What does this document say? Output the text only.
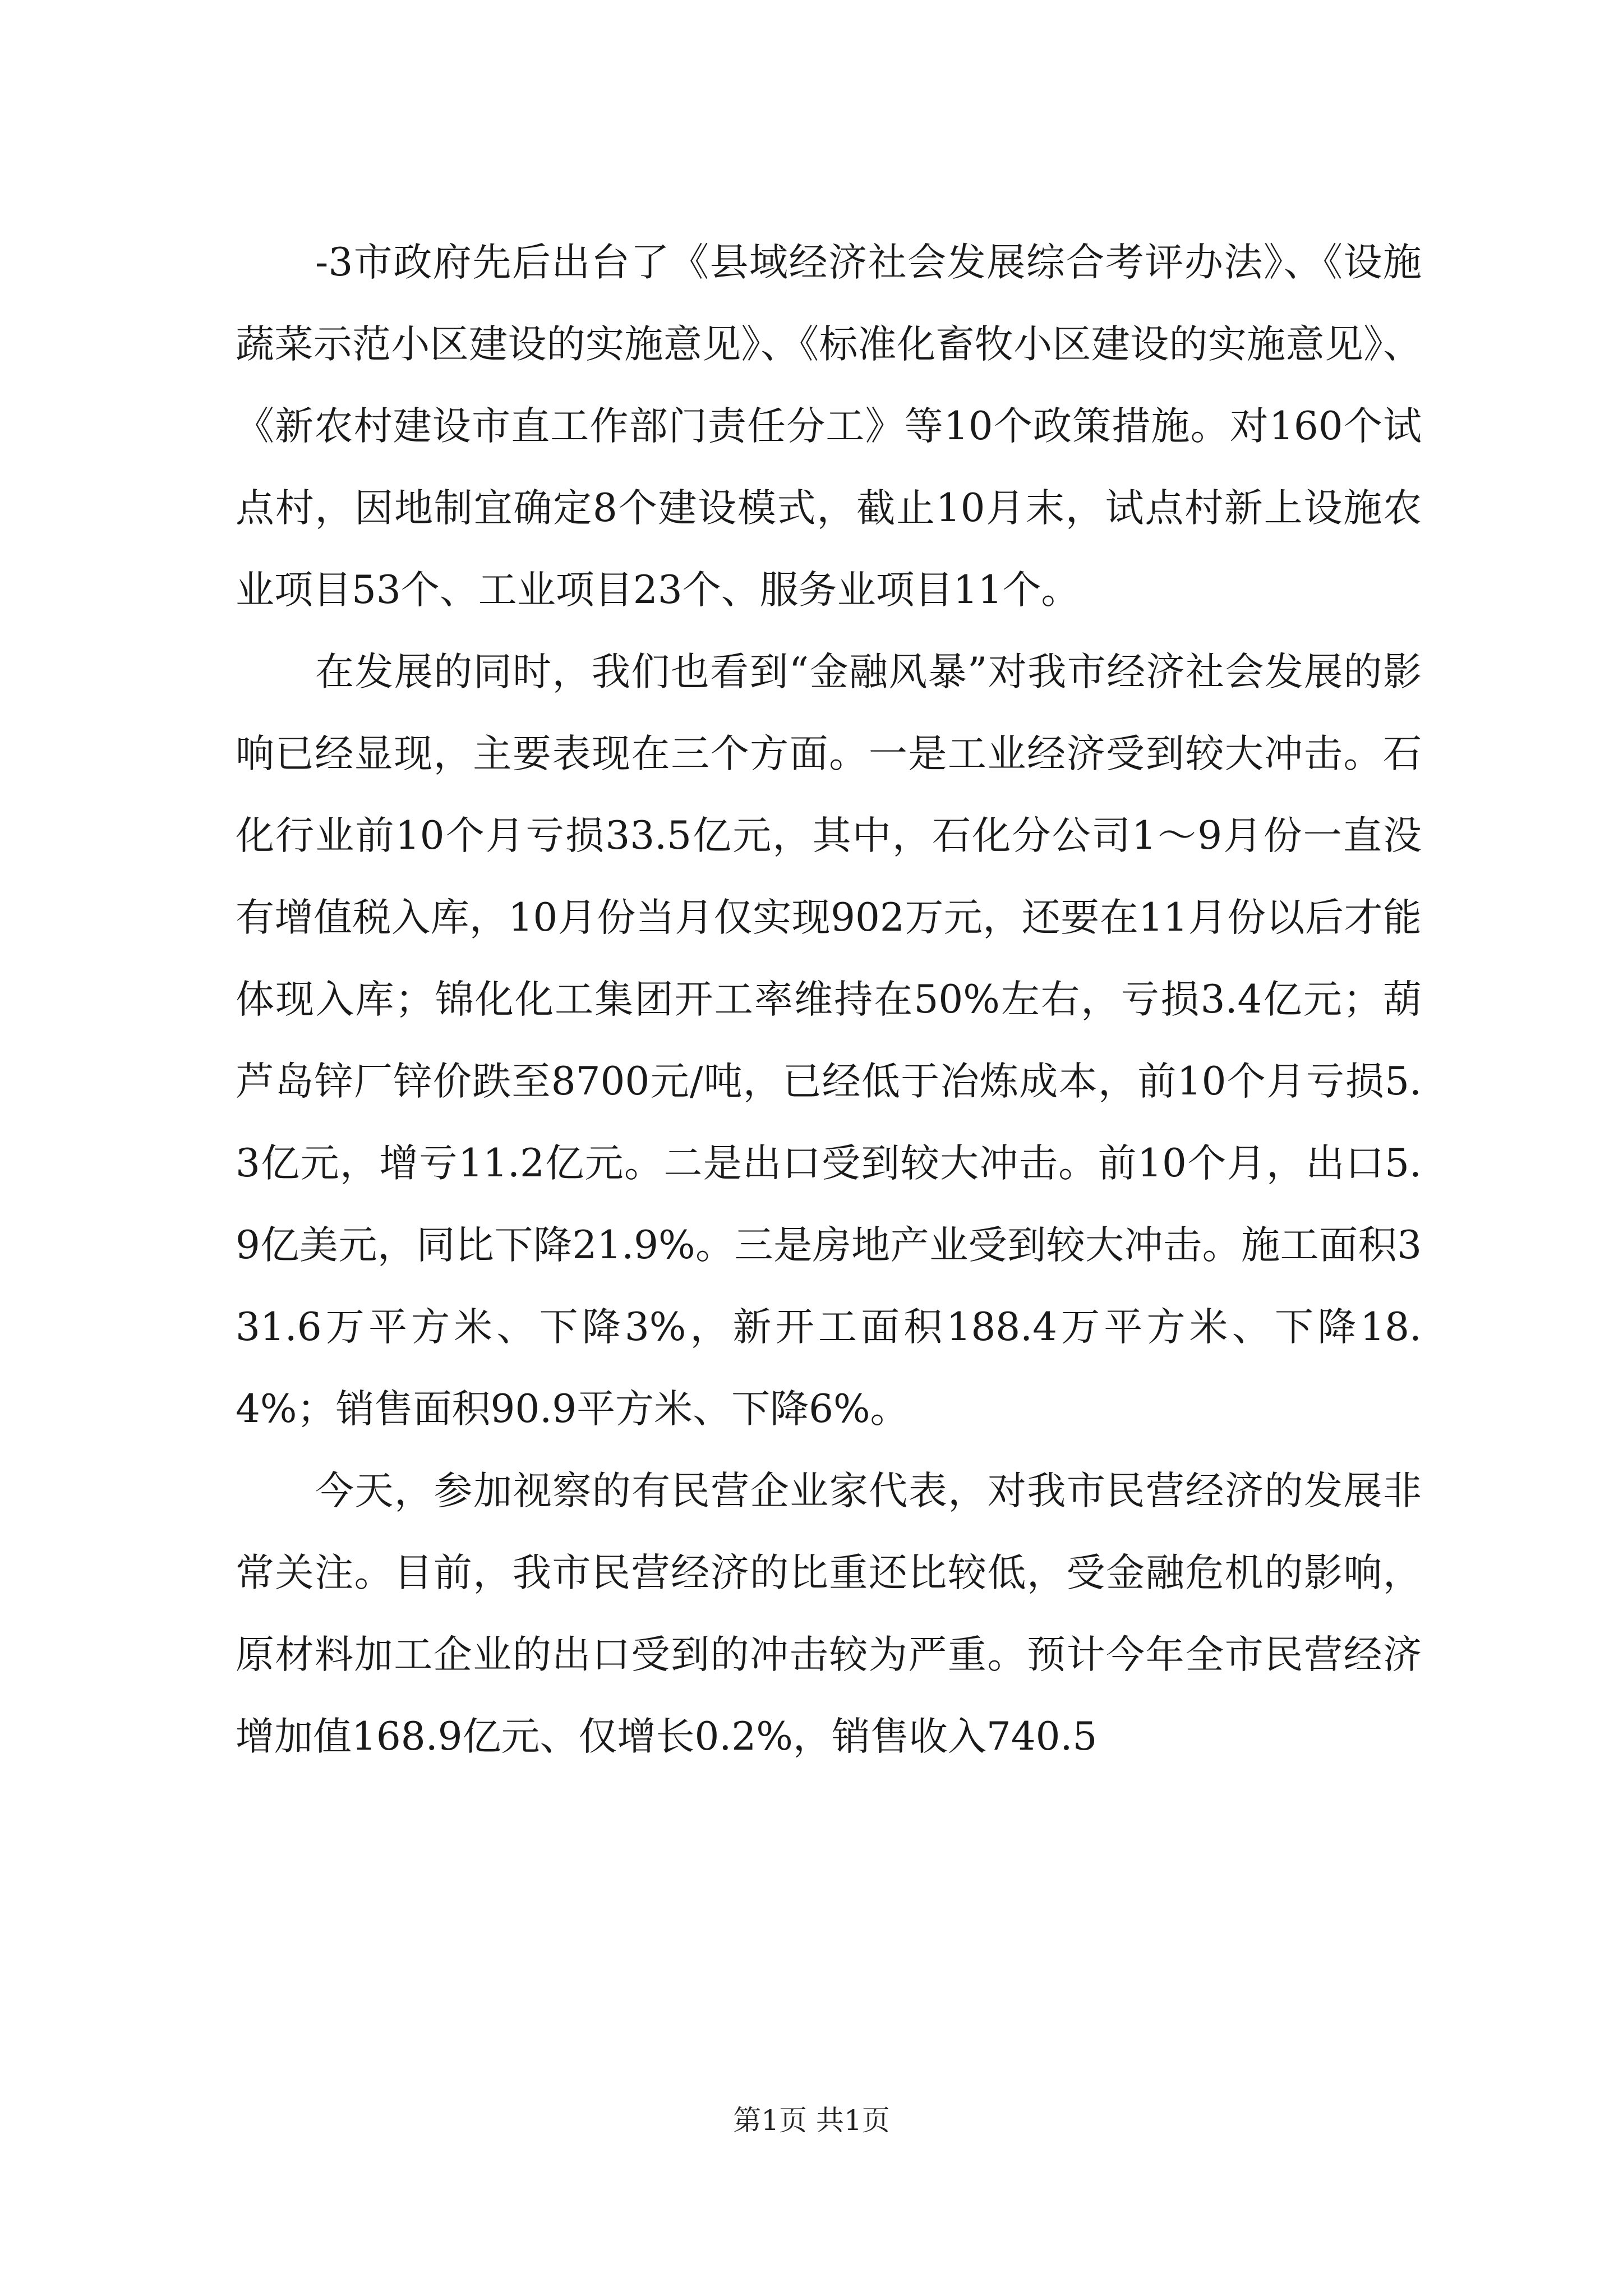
-3市政府先后出台了《县域经济社会发展综合考评办法》、《设施蔬菜示范小区建设的实施意见》、《标准化畜牧小区建设的实施意见》、《新农村建设市直工作部门责任分工》等10个政策措施。对160个试点村，因地制宜确定8个建设模式，截止10月末，试点村新上设施农业项目53个、工业项目23个、服务业项目11个。

在发展的同时，我们也看到“金融风暴”对我市经济社会发展的影响已经显现，主要表现在三个方面。一是工业经济受到较大冲击。石化行业前10个月亏损33.5亿元，其中，石化分公司1～9月份一直没有增值税入库，10月份当月仅实现902万元，还要在11月份以后才能体现入库；锦化化工集团开工率维持在50%左右，亏损3.4亿元；葫芦岛锌厂锌价跌至8700元/吨，已经低于冶炼成本，前10个月亏损5.3亿元，增亏11.2亿元。二是出口受到较大冲击。前10个月，出口5.9亿美元，同比下降21.9%。三是房地产业受到较大冲击。施工面积331.6万平方米、下降3%，新开工面积188.4万平方米、下降18.4%；销售面积90.9平方米、下降6%。

今天，参加视察的有民营企业家代表，对我市民营经济的发展非常关注。目前，我市民营经济的比重还比较低，受金融危机的影响，原材料加工企业的出口受到的冲击较为严重。预计今年全市民营经济增加值168.9亿元、仅增长0.2%，销售收入740.5

第1页 共1页
